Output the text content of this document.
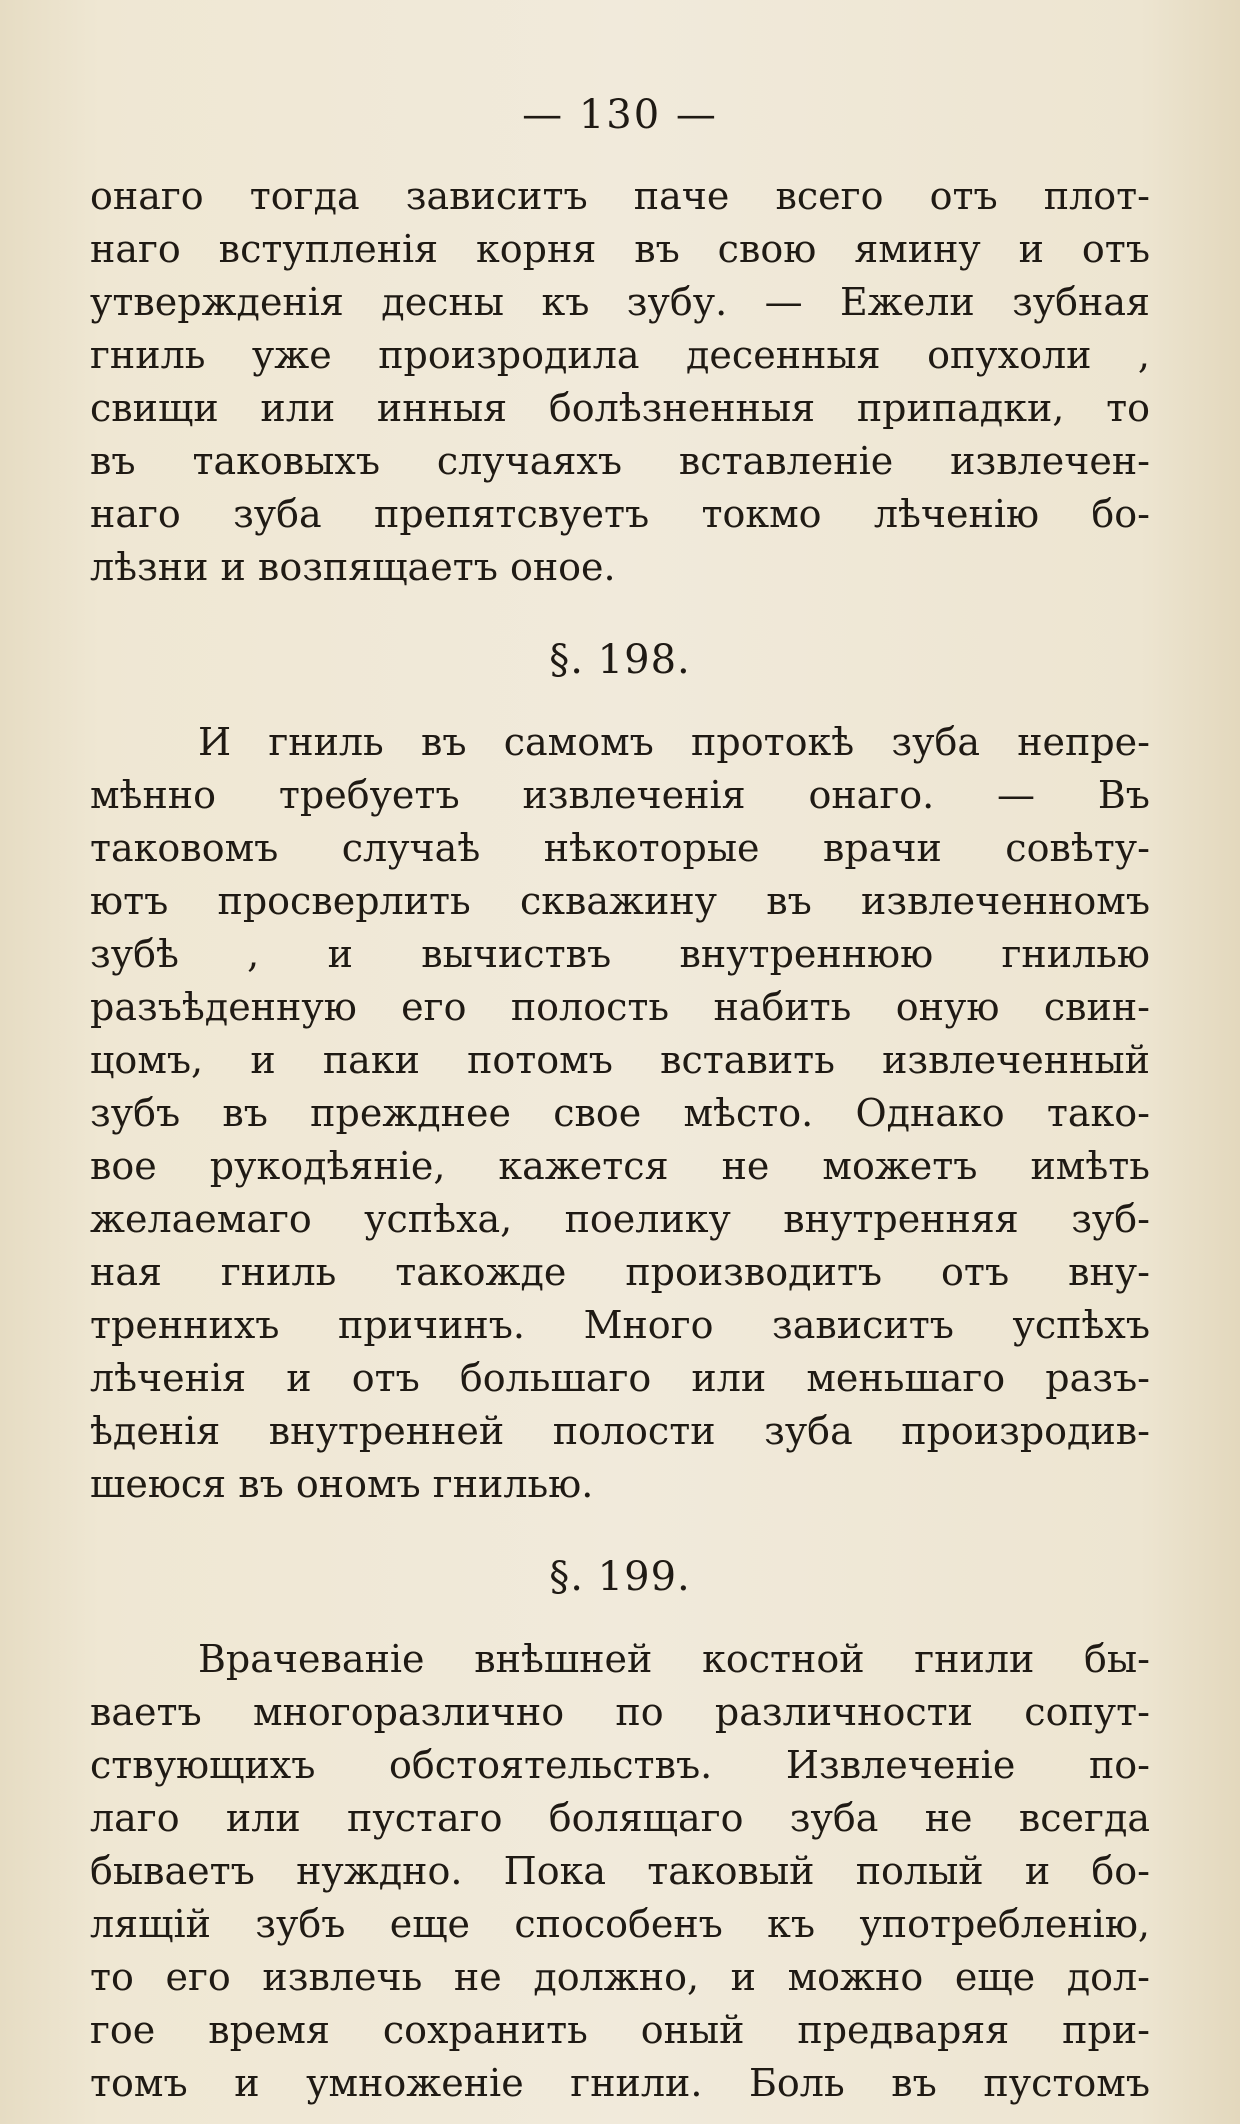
— 130 —
онаго тогда зависитъ паче всего отъ плот-
наго вступленія корня въ свою ямину и отъ
утвержденія десны къ зубу. — Ежели зубная
гниль уже произродила десенныя опухоли ,
свищи или инныя болѣзненныя припадки, то
въ таковыхъ случаяхъ вставленіе извлечен-
наго зуба препятсвуетъ токмо лѣченію бо-
лѣзни и возпящаетъ оное.
§. 198.
И гниль въ самомъ протокѣ зуба непре-
мѣнно требуетъ извлеченія онаго. — Въ
таковомъ случаѣ нѣкоторые врачи совѣту-
ютъ просверлить скважину въ извлеченномъ
зубѣ , и вычиствъ внутреннюю гнилью
разъѣденную его полость набить оную свин-
цомъ, и паки потомъ вставить извлеченный
зубъ въ прежднее свое мѣсто. Однако тако-
вое рукодѣяніе, кажется не можетъ имѣть
желаемаго успѣха, поелику внутренняя зуб-
ная гниль такожде производитъ отъ вну-
треннихъ причинъ. Много зависитъ успѣхъ
лѣченія и отъ большаго или меньшаго разъ-
ѣденія внутренней полости зуба произродив-
шеюся въ ономъ гнилью.
§. 199.
Врачеваніе внѣшней костной гнили бы-
ваетъ многоразлично по различности сопут-
ствующихъ обстоятельствъ. Извлеченіе по-
лаго или пустаго болящаго зуба не всегда
бываетъ нуждно. Пока таковый полый и бо-
лящій зубъ еще способенъ къ употребленію,
то его извлечь не должно, и можно еще дол-
гое время сохранить оный предваряя при-
томъ и умноженіе гнили. Боль въ пустомъ
